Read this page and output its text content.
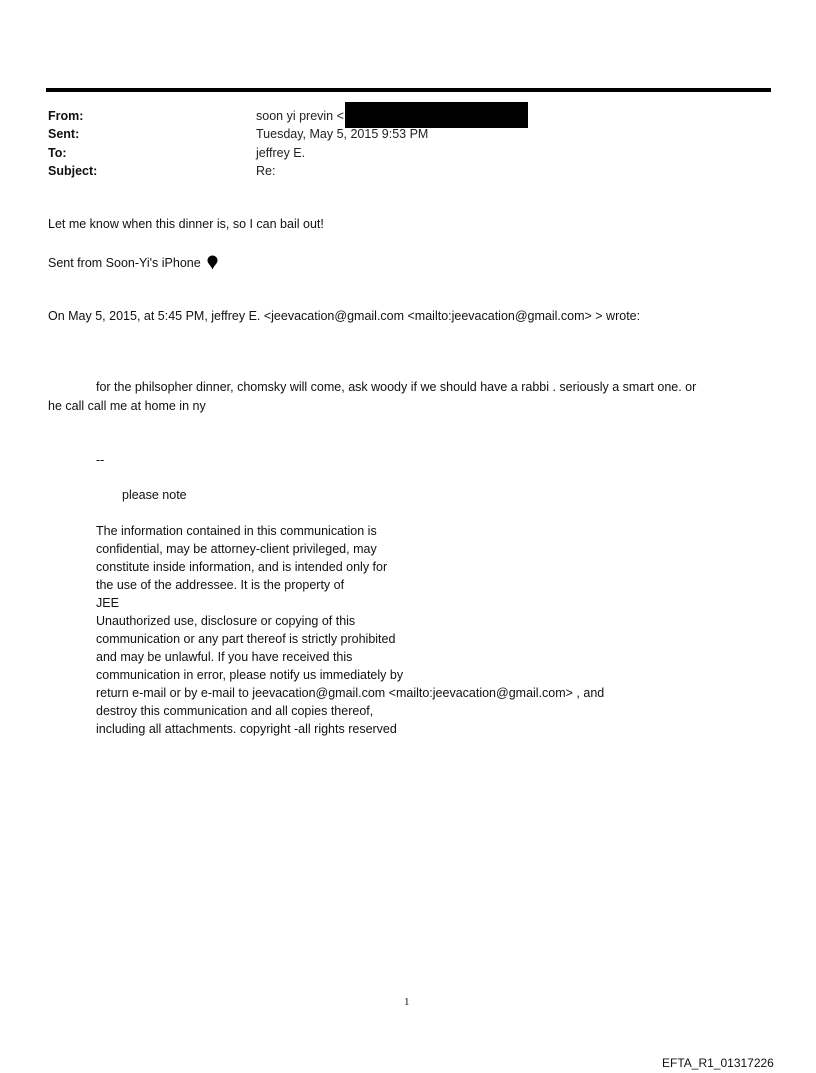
From:	soon yi previn <
Sent:	Tuesday, May 5, 2015 9:53 PM
To:	jeffrey E.
Subject:	Re:
Let me know when this dinner is, so I can bail out!
Sent from Soon-Yi's iPhone
On May 5, 2015, at 5:45 PM, jeffrey E. <jeevacation@gmail.com <mailto:jeevacation@gmail.com> > wrote:
for the philsopher dinner, chomsky will come, ask woody if we should have a rabbi . seriously a smart one. or
he call call me at home in ny
--
please note
The information contained in this communication is
confidential, may be attorney-client privileged, may
constitute inside information, and is intended only for
the use of the addressee. It is the property of
JEE
Unauthorized use, disclosure or copying of this
communication or any part thereof is strictly prohibited
and may be unlawful. If you have received this
communication in error, please notify us immediately by
return e-mail or by e-mail to jeevacation@gmail.com <mailto:jeevacation@gmail.com> , and
destroy this communication and all copies thereof,
including all attachments. copyright -all rights reserved
1
EFTA_R1_01317226
